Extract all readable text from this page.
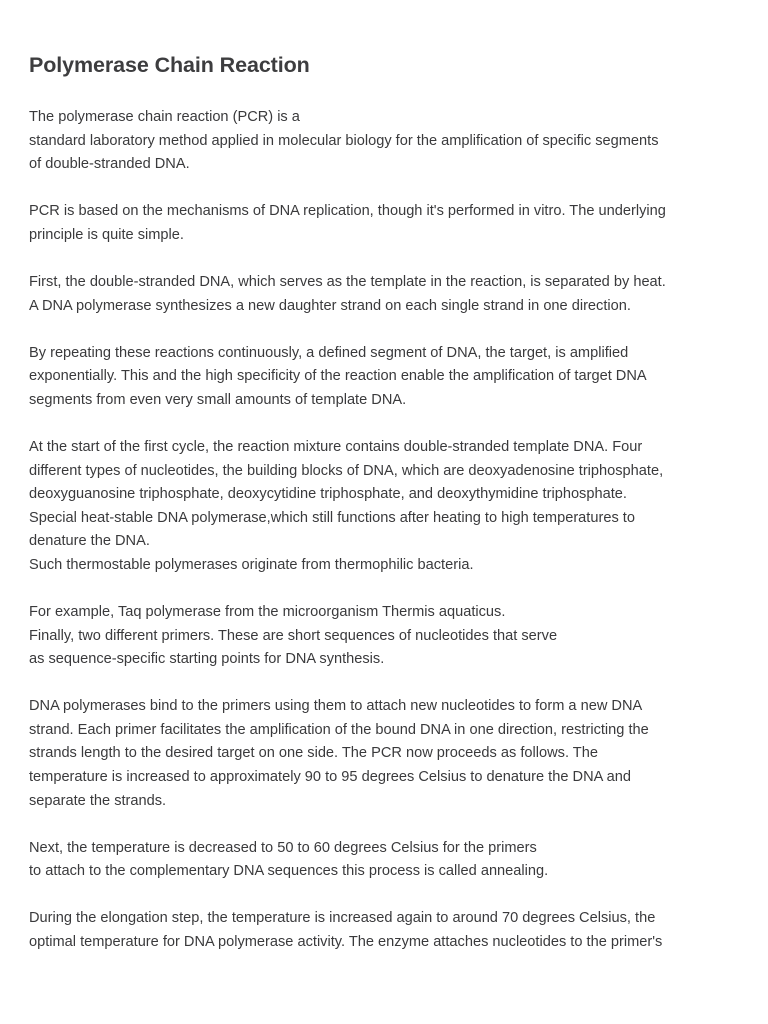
Polymerase Chain Reaction
The polymerase chain reaction (PCR) is a
standard laboratory method applied in molecular biology for the amplification of specific segments
of double-stranded DNA.
PCR is based on the mechanisms of DNA replication, though it's performed in vitro. The underlying
principle is quite simple.
First, the double-stranded DNA, which serves as the template in the reaction, is separated by heat.
A DNA polymerase synthesizes a new daughter strand on each single strand in one direction.
By repeating these reactions continuously, a defined segment of DNA, the target, is amplified
exponentially. This and the high specificity of the reaction enable the amplification of target DNA
segments from even very small amounts of template DNA.
At the start of the first cycle, the reaction mixture contains double-stranded template DNA. Four
different types of nucleotides, the building blocks of DNA, which are deoxyadenosine triphosphate,
deoxyguanosine triphosphate, deoxycytidine triphosphate, and deoxythymidine triphosphate.
Special heat-stable DNA polymerase,which still functions after heating to high temperatures to
denature the DNA.
Such thermostable polymerases originate from thermophilic bacteria.
For example, Taq polymerase from the microorganism Thermis aquaticus.
Finally, two different primers. These are short sequences of nucleotides that serve
as sequence-specific starting points for DNA synthesis.
DNA polymerases bind to the primers using them to attach new nucleotides to form a new DNA
strand. Each primer facilitates the amplification of the bound DNA in one direction, restricting the
strands length to the desired target on one side. The PCR now proceeds as follows. The
temperature is increased to approximately 90 to 95 degrees Celsius to denature the DNA and
separate the strands.
Next, the temperature is decreased to 50 to 60 degrees Celsius for the primers
to attach to the complementary DNA sequences this process is called annealing.
During the elongation step, the temperature is increased again to around 70 degrees Celsius, the
optimal temperature for DNA polymerase activity. The enzyme attaches nucleotides to the primer's
